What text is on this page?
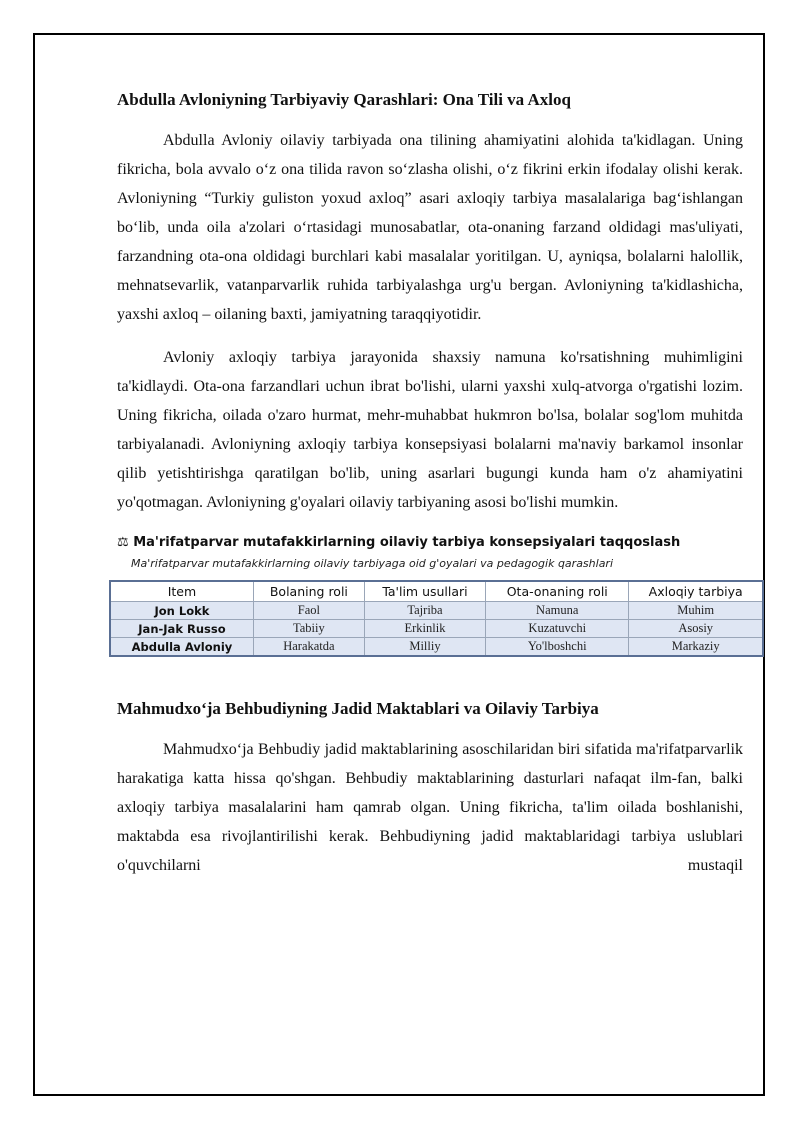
Abdulla Avloniyning Tarbiyaviy Qarashlari: Ona Tili va Axloq

Abdulla Avloniy oilaviy tarbiyada ona tilining ahamiyatini alohida ta'kidlagan. Uning fikricha, bola avvalo o‘z ona tilida ravon so‘zlasha olishi, o‘z fikrini erkin ifodalay olishi kerak. Avloniyning “Turkiy guliston yoxud axloq” asari axloqiy tarbiya masalalariga bag‘ishlangan bo‘lib, unda oila a'zolari o‘rtasidagi munosabatlar, ota-onaning farzand oldidagi mas'uliyati, farzandning ota-ona oldidagi burchlari kabi masalalar yoritilgan. U, ayniqsa, bolalarni halollik, mehnatsevarlik, vatanparvarlik ruhida tarbiyalashga urg'u bergan. Avloniyning ta'kidlashicha, yaxshi axloq – oilaning baxti, jamiyatning taraqqiyotidir.

Avloniy axloqiy tarbiya jarayonida shaxsiy namuna ko'rsatishning muhimligini ta'kidlaydi. Ota-ona farzandlari uchun ibrat bo'lishi, ularni yaxshi xulq-atvorga o'rgatishi lozim. Uning fikricha, oilada o'zaro hurmat, mehr-muhabbat hukmron bo'lsa, bolalar sog'lom muhitda tarbiyalanadi. Avloniyning axloqiy tarbiya konsepsiyasi bolalarni ma'naviy barkamol insonlar qilib yetishtirishga qaratilgan bo'lib, uning asarlari bugungi kunda ham o'z ahamiyatini yo'qotmagan. Avloniyning g'oyalari oilaviy tarbiyaning asosi bo'lishi mumkin.

⚖ Ma'rifatparvar mutafakkirlarning oilaviy tarbiya konsepsiyalari taqqoslash

Ma'rifatparvar mutafakkirlarning oilaviy tarbiyaga oid g'oyalari va pedagogik qarashlari

Item	Bolaning roli	Ta'lim usullari	Ota-onaning roli	Axloqiy tarbiya
Jon Lokk	Faol	Tajriba	Namuna	Muhim
Jan-Jak Russo	Tabiiy	Erkinlik	Kuzatuvchi	Asosiy
Abdulla Avloniy	Harakatda	Milliy	Yo'lboshchi	Markaziy
Mahmudxo‘ja Behbudiyning Jadid Maktablari va Oilaviy Tarbiya

Mahmudxo‘ja Behbudiy jadid maktablarining asoschilaridan biri sifatida ma'rifatparvarlik harakatiga katta hissa qo'shgan. Behbudiy maktablarining dasturlari nafaqat ilm-fan, balki axloqiy tarbiya masalalarini ham qamrab olgan. Uning fikricha, ta'lim oilada boshlanishi, maktabda esa rivojlantirilishi kerak. Behbudiyning jadid maktablaridagi tarbiya uslublari o'quvchilarni mustaqil
